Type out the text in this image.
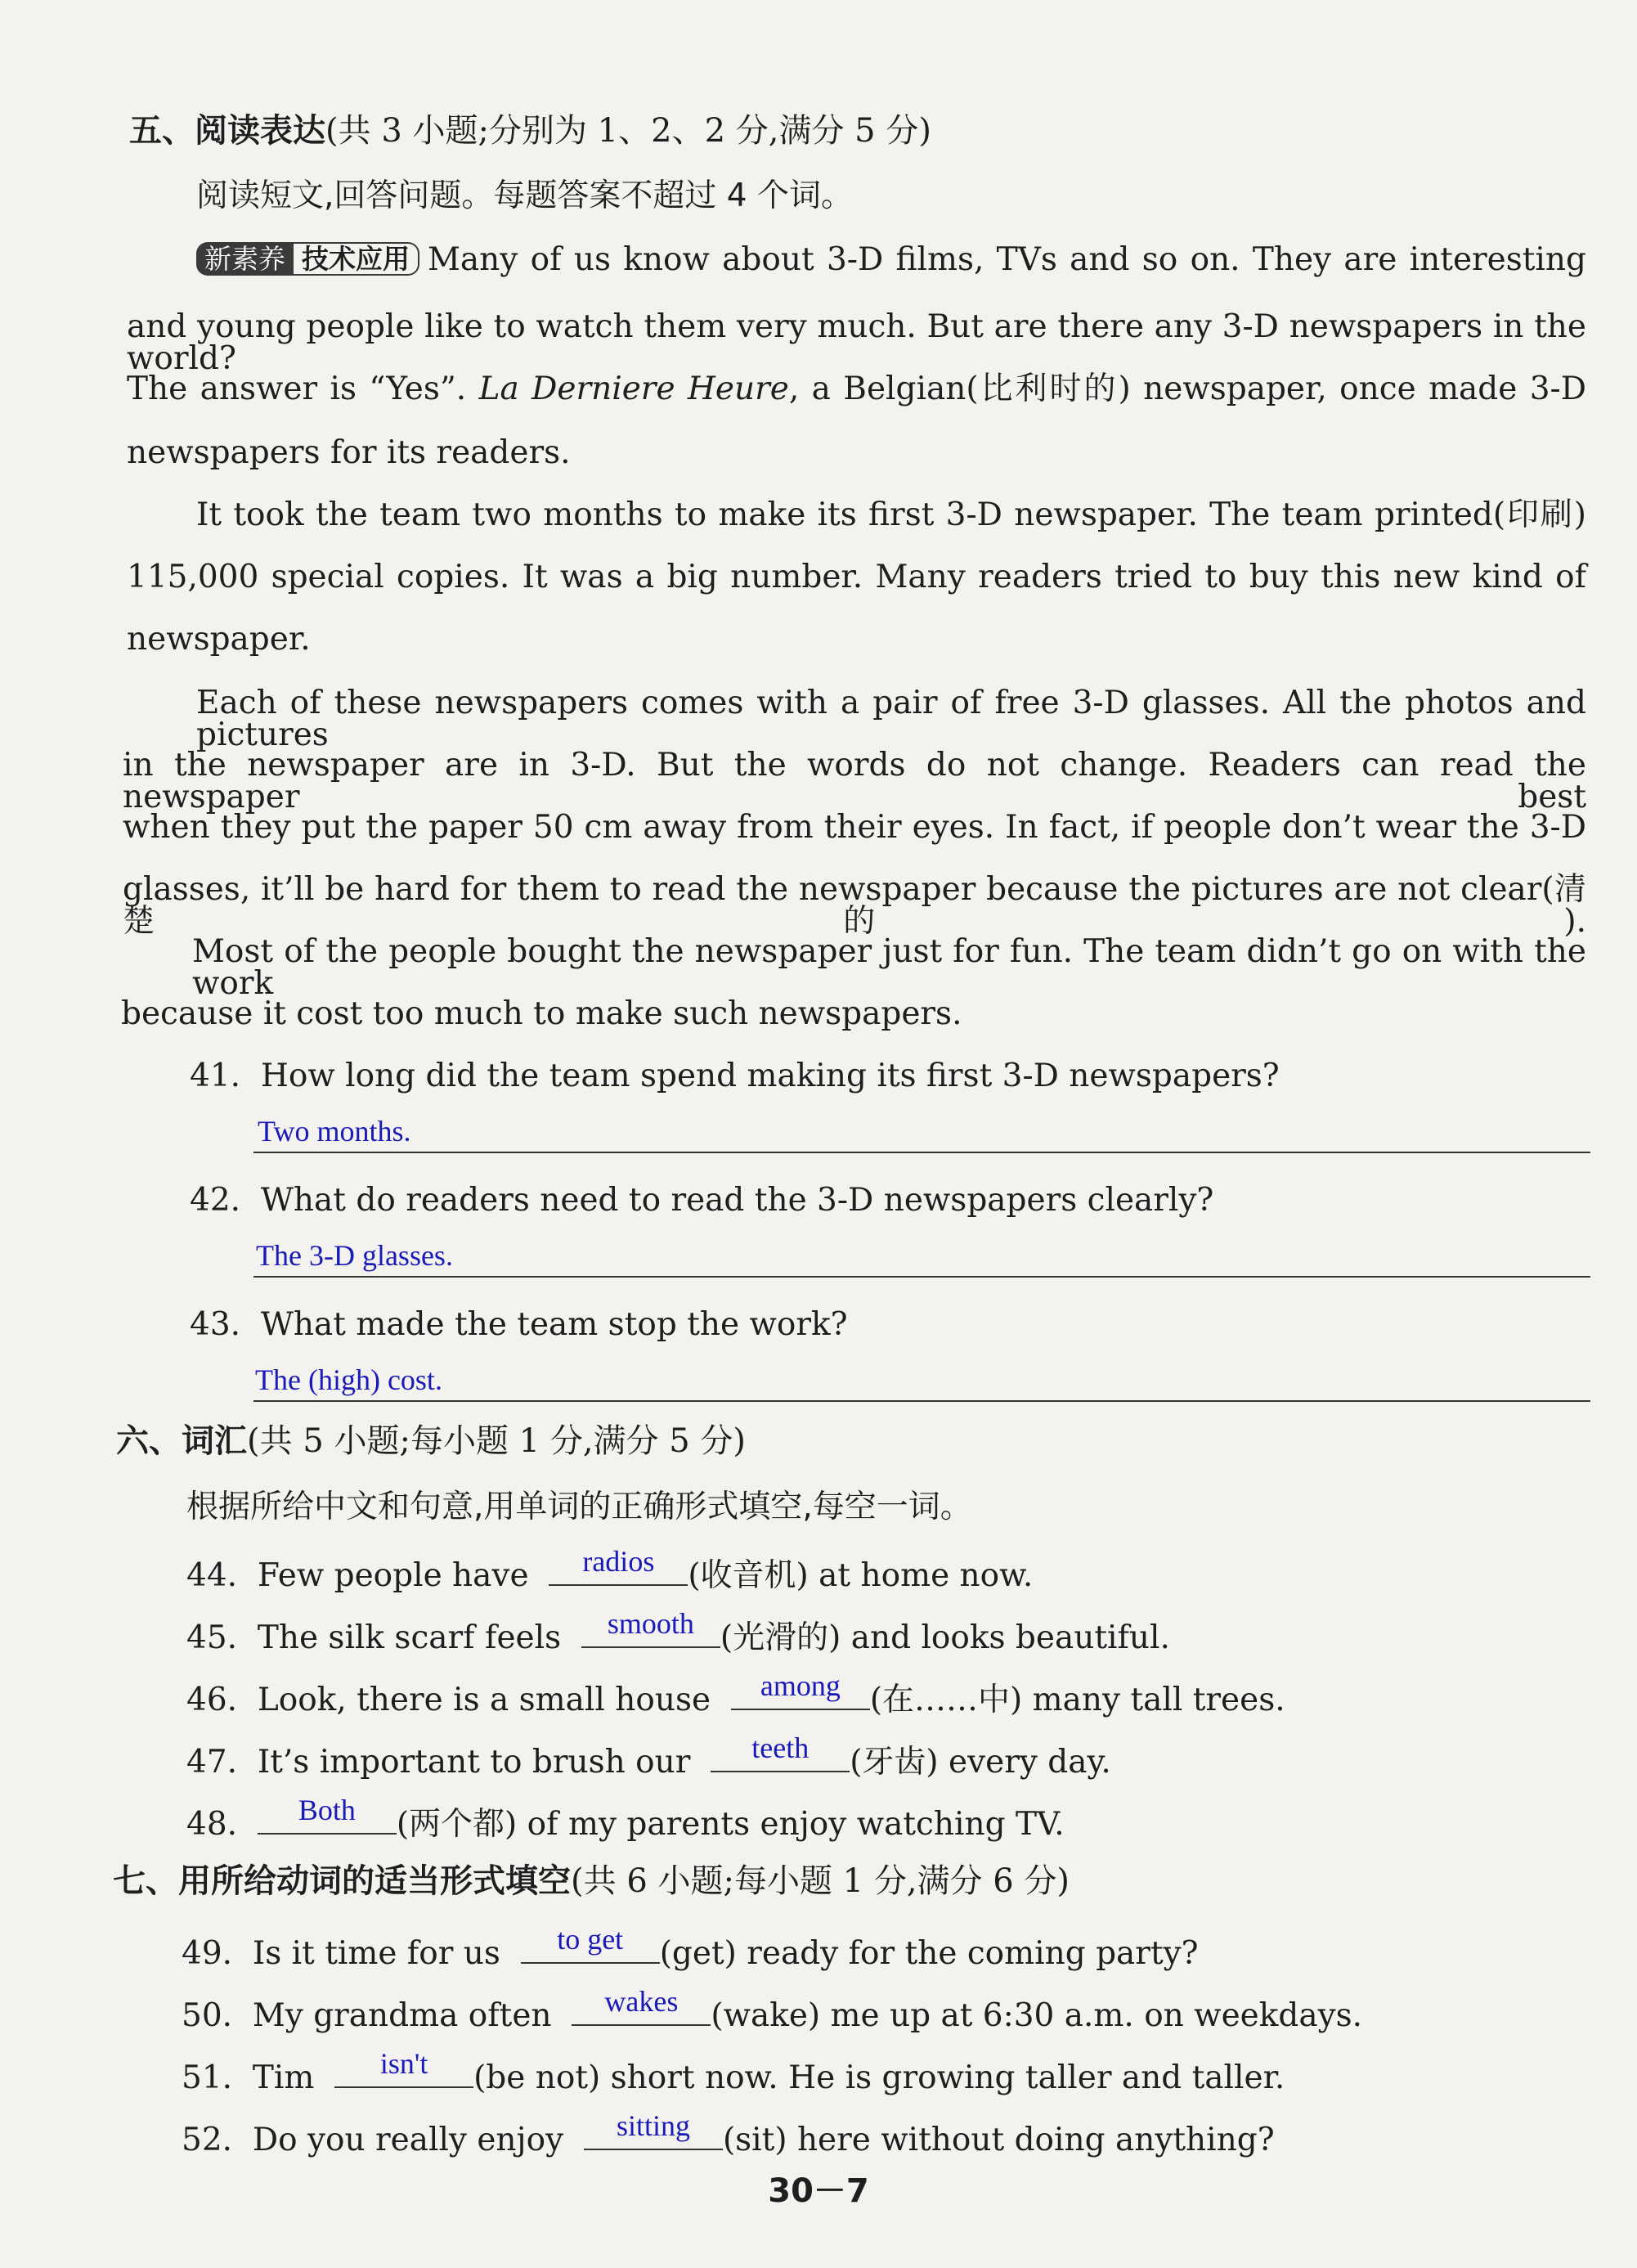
五、阅读表达(共 3 小题;分别为 1、2、2 分,满分 5 分)
阅读短文,回答问题。每题答案不超过 4 个词。
新素养 技术应用 Many of us know about 3-D films, TVs and so on. They are interesting
and young people like to watch them very much. But are there any 3-D newspapers in the world?
The answer is “Yes”. La Derniere Heure, a Belgian(比利时的) newspaper, once made 3-D
newspapers for its readers.
It took the team two months to make its first 3-D newspaper. The team printed(印刷)
115,000 special copies. It was a big number. Many readers tried to buy this new kind of
newspaper.
Each of these newspapers comes with a pair of free 3-D glasses. All the photos and pictures
in the newspaper are in 3-D. But the words do not change. Readers can read the newspaper best
when they put the paper 50 cm away from their eyes. In fact, if people don’t wear the 3-D
glasses, it’ll be hard for them to read the newspaper because the pictures are not clear(清楚的).
Most of the people bought the newspaper just for fun. The team didn’t go on with the work
because it cost too much to make such newspapers.
41. How long did the team spend making its first 3-D newspapers?
Two months.
42. What do readers need to read the 3-D newspapers clearly?
The 3-D glasses.
43. What made the team stop the work?
The (high) cost.
六、词汇(共 5 小题;每小题 1 分,满分 5 分)
根据所给中文和句意,用单词的正确形式填空,每空一词。
44. Few people have	radios	(收音机) at home now.
45. The silk scarf feels	smooth (光滑的) and looks beautiful.
46. Look, there is a small house	among (在……中) many tall trees.
47. It’s important to brush our	teeth	(牙齿) every day.
48.	Both	(两个都) of my parents enjoy watching TV.
七、用所给动词的适当形式填空(共 6 小题;每小题 1 分,满分 6 分)
49. Is it time for us	to get	(get) ready for the coming party?
50. My grandma often	wakes	(wake) me up at 6:30 a.m. on weekdays.
51. Tim	isn't	(be not) short now. He is growing taller and taller.
52. Do you really enjoy	sitting	(sit) here without doing anything?
30－7
